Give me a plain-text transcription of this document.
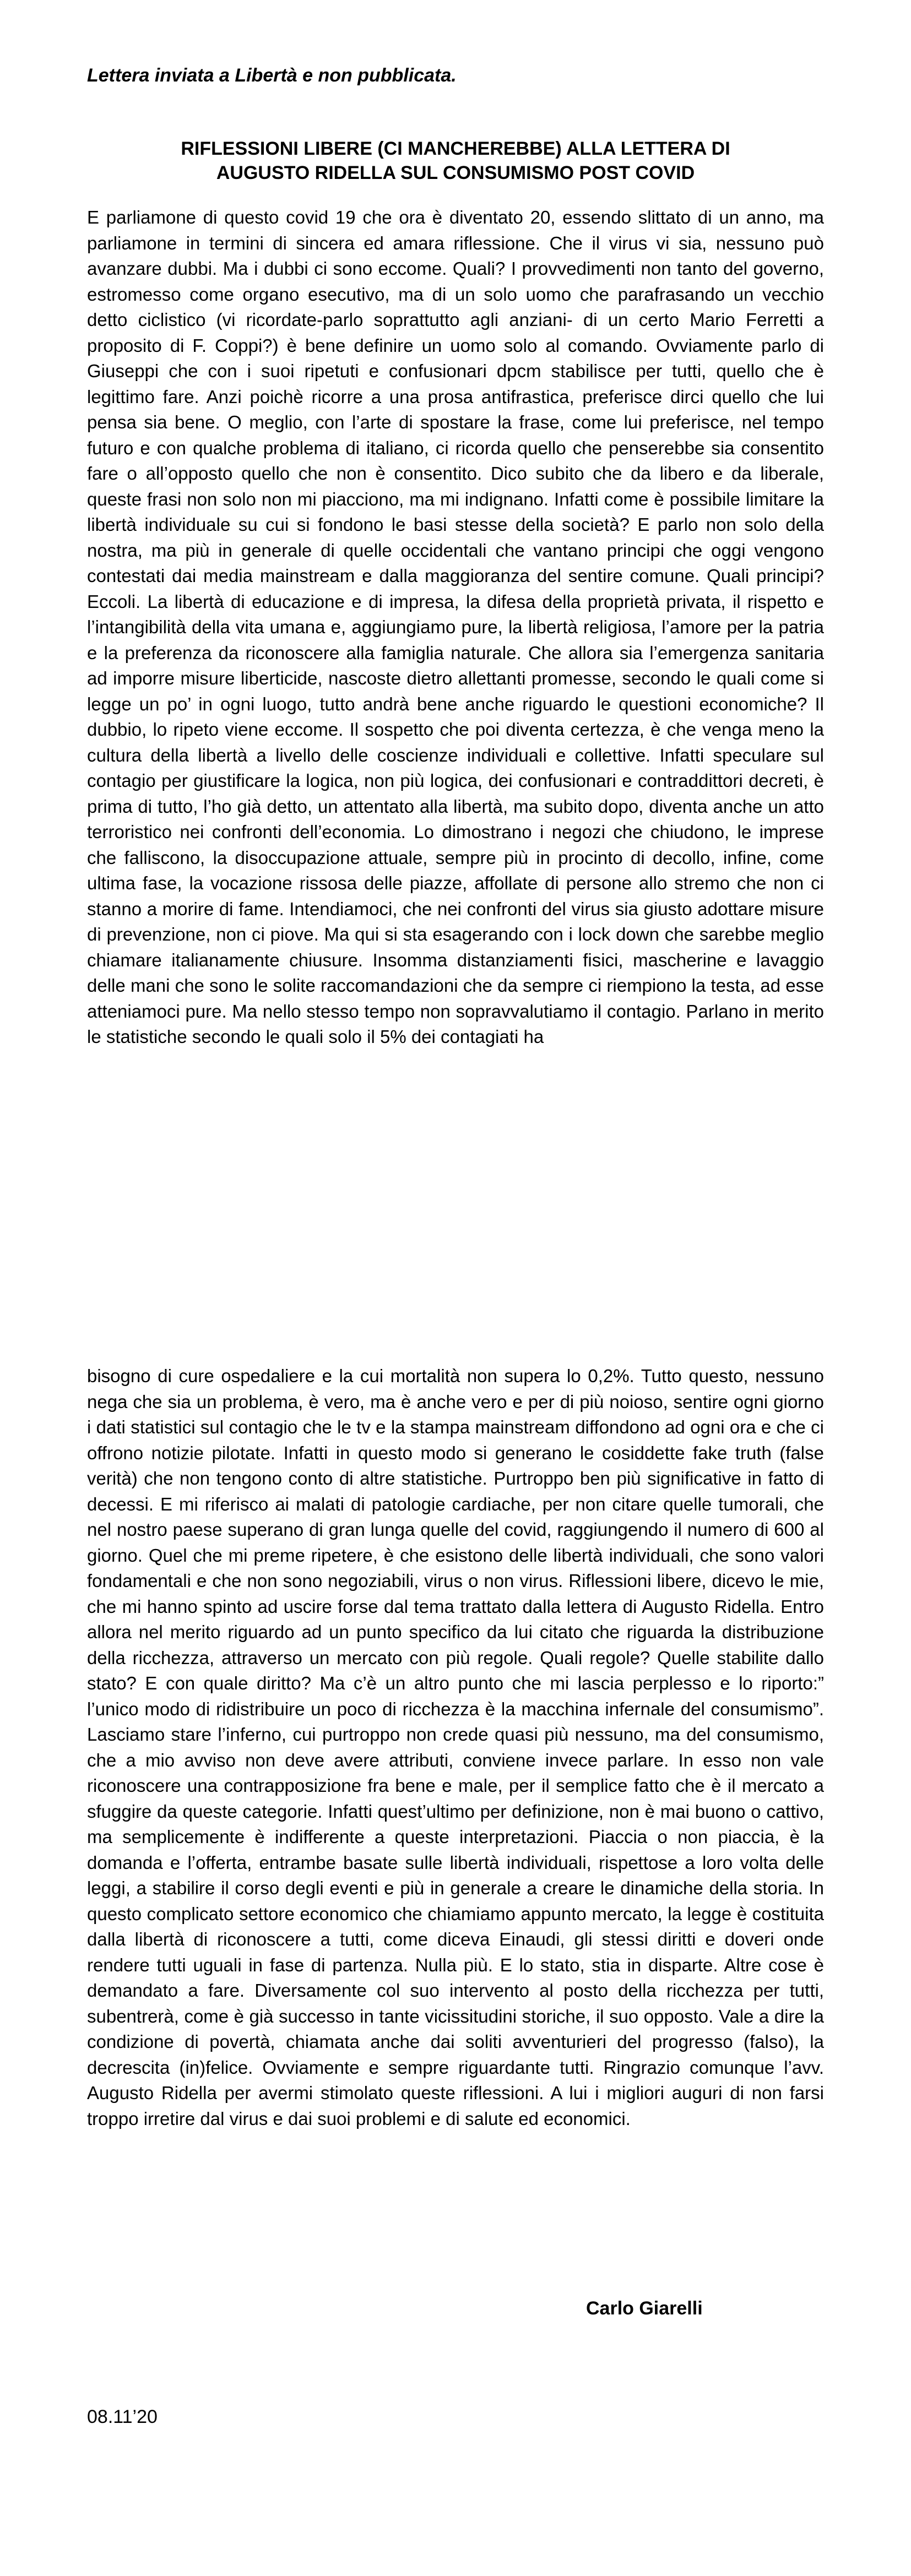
Lettera inviata a Libertà e non pubblicata.
RIFLESSIONI LIBERE (CI MANCHEREBBE) ALLA LETTERA DI
AUGUSTO RIDELLA SUL CONSUMISMO POST COVID
E parliamone di questo covid 19 che ora è diventato 20, essendo slittato di un anno, ma parliamone in termini di sincera ed amara riflessione. Che il virus vi sia, nessuno può avanzare dubbi. Ma i dubbi ci sono eccome. Quali? I provvedimenti non tanto del governo, estromesso come organo esecutivo, ma di un solo uomo che parafrasando un vecchio detto ciclistico (vi ricordate-parlo soprattutto agli anziani- di un certo Mario Ferretti a proposito di F. Coppi?) è bene definire un uomo solo al comando. Ovviamente parlo di Giuseppi che con i suoi ripetuti e confusionari dpcm stabilisce per tutti, quello che è legittimo fare. Anzi poichè ricorre a una prosa antifrastica, preferisce dirci quello che lui pensa sia bene. O meglio, con l’arte di spostare la frase, come lui preferisce, nel tempo futuro e con qualche problema di italiano, ci ricorda quello che penserebbe sia consentito fare o all’opposto quello che non è consentito. Dico subito che da libero e da liberale, queste frasi non solo non mi piacciono, ma mi indignano. Infatti come è possibile limitare la libertà individuale su cui si fondono le basi stesse della società? E parlo non solo della nostra, ma più in generale di quelle occidentali che vantano principi che oggi vengono contestati dai media mainstream e dalla maggioranza del sentire comune. Quali principi? Eccoli. La libertà di educazione e di impresa, la difesa della proprietà privata, il rispetto e l’intangibilità della vita umana e, aggiungiamo pure, la libertà religiosa, l’amore per la patria e la preferenza da riconoscere alla famiglia naturale. Che allora sia l’emergenza sanitaria ad imporre misure liberticide, nascoste dietro allettanti promesse, secondo le quali come si legge un po’ in ogni luogo, tutto andrà bene anche riguardo le questioni economiche? Il dubbio, lo ripeto viene eccome. Il sospetto che poi diventa certezza, è che venga meno la cultura della libertà a livello delle coscienze individuali e collettive. Infatti speculare sul contagio per giustificare la logica, non più logica, dei confusionari e contraddittori decreti, è prima di tutto, l’ho già detto, un attentato alla libertà, ma subito dopo, diventa anche un atto terroristico nei confronti dell’economia. Lo dimostrano i negozi che chiudono, le imprese che falliscono, la disoccupazione attuale, sempre più in procinto di decollo, infine, come ultima fase, la vocazione rissosa delle piazze, affollate di persone allo stremo che non ci stanno a morire di fame. Intendiamoci, che nei confronti del virus sia giusto adottare misure di prevenzione, non ci piove. Ma qui si sta esagerando con i lock down che sarebbe meglio chiamare italianamente chiusure. Insomma distanziamenti fisici, mascherine e lavaggio delle mani che sono le solite raccomandazioni che da sempre ci riempiono la testa, ad esse atteniamoci pure. Ma nello stesso tempo non sopravvalutiamo il contagio. Parlano in merito le statistiche secondo le quali solo il 5% dei contagiati ha
bisogno di cure ospedaliere e la cui mortalità non supera lo 0,2%. Tutto questo, nessuno nega che sia un problema, è vero, ma è anche vero e per di più noioso, sentire ogni giorno i dati statistici sul contagio che le tv e la stampa mainstream diffondono ad ogni ora e che ci offrono notizie pilotate. Infatti in questo modo si generano le cosiddette fake truth (false verità) che non tengono conto di altre statistiche. Purtroppo ben più significative in fatto di decessi. E mi riferisco ai malati di patologie cardiache, per non citare quelle tumorali, che nel nostro paese superano di gran lunga quelle del covid, raggiungendo il numero di 600 al giorno. Quel che mi preme ripetere, è che esistono delle libertà individuali, che sono valori fondamentali e che non sono negoziabili, virus o non virus. Riflessioni libere, dicevo le mie, che mi hanno spinto ad uscire forse dal tema trattato dalla lettera di Augusto Ridella. Entro allora nel merito riguardo ad un punto specifico da lui citato che riguarda la distribuzione della ricchezza, attraverso un mercato con più regole. Quali regole? Quelle stabilite dallo stato? E con quale diritto? Ma c’è un altro punto che mi lascia perplesso e lo riporto:” l’unico modo di ridistribuire un poco di ricchezza è la macchina infernale del consumismo”. Lasciamo stare l’inferno, cui purtroppo non crede quasi più nessuno, ma del consumismo, che a mio avviso non deve avere attributi, conviene invece parlare. In esso non vale riconoscere una contrapposizione fra bene e male, per il semplice fatto che è il mercato a sfuggire da queste categorie. Infatti quest’ultimo per definizione, non è mai buono o cattivo, ma semplicemente è indifferente a queste interpretazioni. Piaccia o non piaccia, è la domanda e l’offerta, entrambe basate sulle libertà individuali, rispettose a loro volta delle leggi, a stabilire il corso degli eventi e più in generale a creare le dinamiche della storia. In questo complicato settore economico che chiamiamo appunto mercato, la legge è costituita dalla libertà di riconoscere a tutti, come diceva Einaudi, gli stessi diritti e doveri onde rendere tutti uguali in fase di partenza. Nulla più. E lo stato, stia in disparte. Altre cose è demandato a fare. Diversamente col suo intervento al posto della ricchezza per tutti, subentrerà, come è già successo in tante vicissitudini storiche, il suo opposto. Vale a dire la condizione di povertà, chiamata anche dai soliti avventurieri del progresso (falso), la decrescita (in)felice. Ovviamente e sempre riguardante tutti. Ringrazio comunque l’avv. Augusto Ridella per avermi stimolato queste riflessioni. A lui i migliori auguri di non farsi troppo irretire dal virus e dai suoi problemi e di salute ed economici.
Carlo Giarelli
08.11’20
